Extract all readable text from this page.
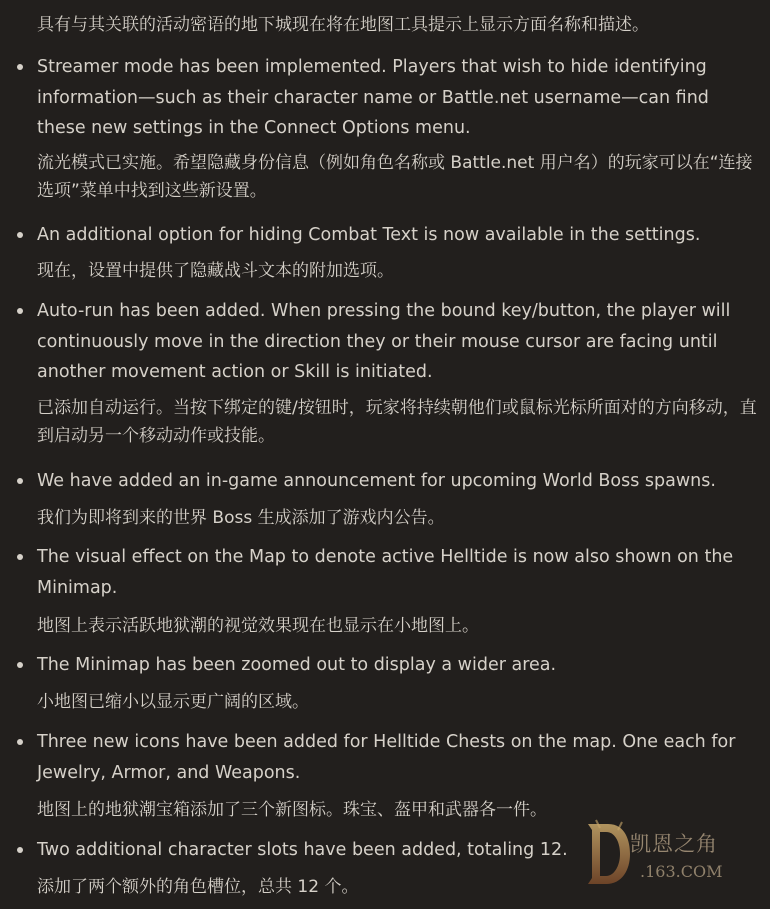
具有与其关联的活动密语的地下城现在将在地图工具提示上显示方面名称和描述。
Streamer mode has been implemented. Players that wish to hide identifying information—such as their character name or Battle.net username—can find these new settings in the Connect Options menu.
流光模式已实施。希望隐藏身份信息（例如角色名称或 Battle.net 用户名）的玩家可以在“连接选项”菜单中找到这些新设置。
An additional option for hiding Combat Text is now available in the settings.
现在，设置中提供了隐藏战斗文本的附加选项。
Auto-run has been added. When pressing the bound key/button, the player will continuously move in the direction they or their mouse cursor are facing until another movement action or Skill is initiated.
已添加自动运行。当按下绑定的键/按钮时，玩家将持续朝他们或鼠标光标所面对的方向移动，直到启动另一个移动动作或技能。
We have added an in-game announcement for upcoming World Boss spawns.
我们为即将到来的世界 Boss 生成添加了游戏内公告。
The visual effect on the Map to denote active Helltide is now also shown on the Minimap.
地图上表示活跃地狱潮的视觉效果现在也显示在小地图上。
The Minimap has been zoomed out to display a wider area.
小地图已缩小以显示更广阔的区域。
Three new icons have been added for Helltide Chests on the map. One each for Jewelry, Armor, and Weapons.
地图上的地狱潮宝箱添加了三个新图标。珠宝、盔甲和武器各一件。
Two additional character slots have been added, totaling 12.
添加了两个额外的角色槽位，总共 12 个。
凯恩之角
.163.COM
